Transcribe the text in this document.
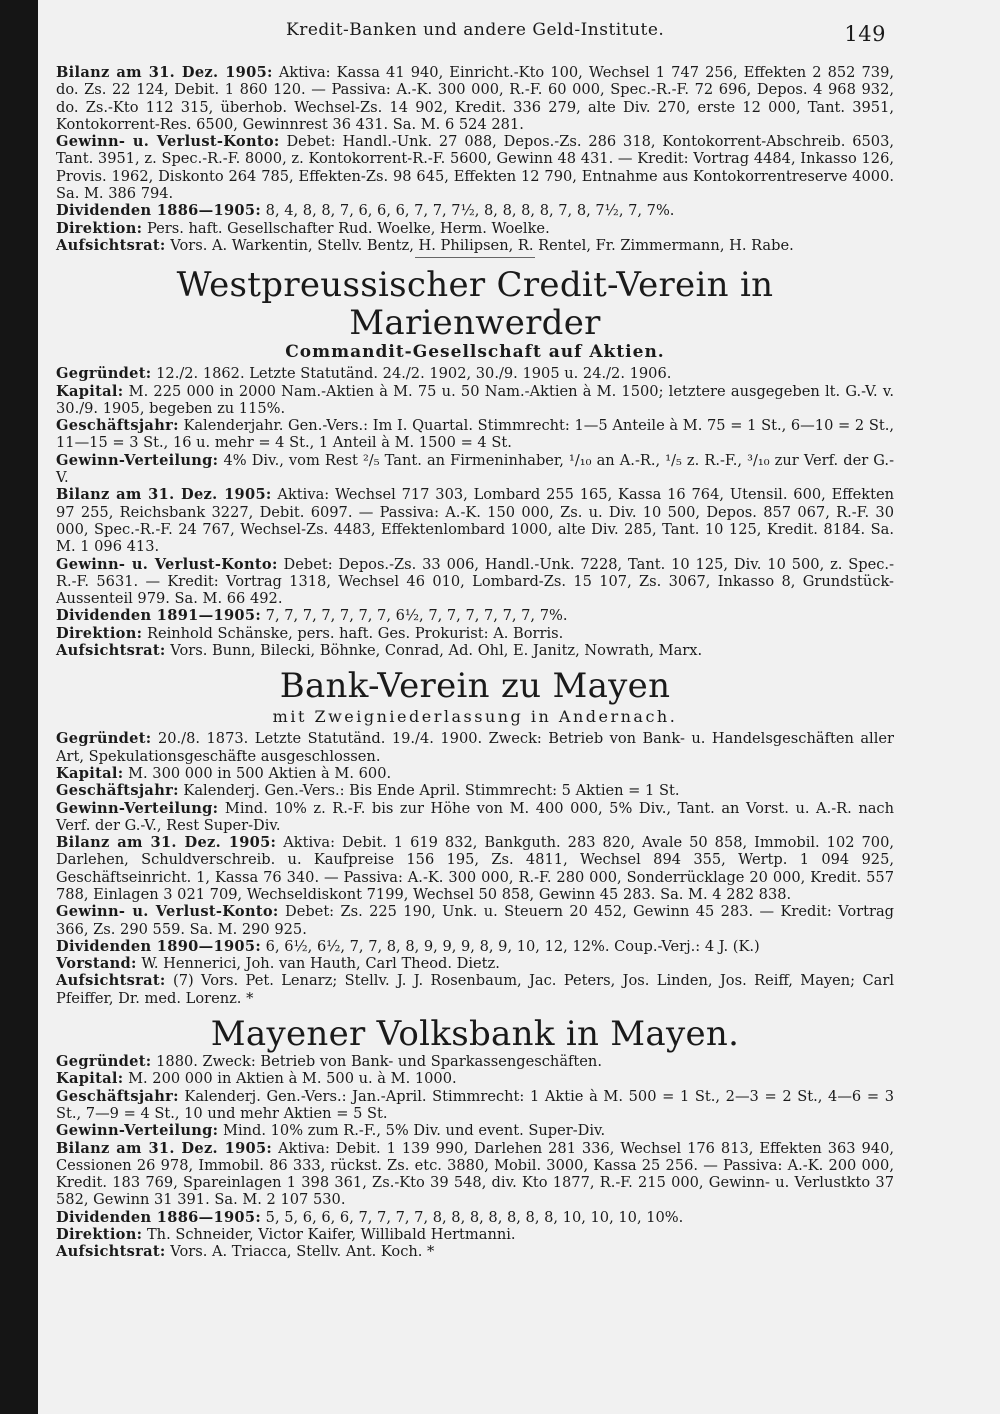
Kredit-Banken und andere Geld-Institute.	149

Bilanz am 31. Dez. 1905: Aktiva: Kassa 41 940, Einricht.-Kto 100, Wechsel 1 747 256, Effekten 2 852 739, do. Zs. 22 124, Debit. 1 860 120. — Passiva: A.-K. 300 000, R.-F. 60 000, Spec.-R.-F. 72 696, Depos. 4 968 932, do. Zs.-Kto 112 315, überhob. Wechsel-Zs. 14 902, Kredit. 336 279, alte Div. 270, erste 12 000, Tant. 3951, Kontokorrent-Res. 6500, Gewinnrest 36 431. Sa. M. 6 524 281.

Gewinn- u. Verlust-Konto: Debet: Handl.-Unk. 27 088, Depos.-Zs. 286 318, Kontokorrent-Abschreib. 6503, Tant. 3951, z. Spec.-R.-F. 8000, z. Kontokorrent-R.-F. 5600, Gewinn 48 431. — Kredit: Vortrag 4484, Inkasso 126, Provis. 1962, Diskonto 264 785, Effekten-Zs. 98 645, Effekten 12 790, Entnahme aus Kontokorrentreserve 4000. Sa. M. 386 794.

Dividenden 1886—1905: 8, 4, 8, 8, 7, 6, 6, 6, 7, 7, 7½, 8, 8, 8, 8, 7, 8, 7½, 7, 7%.

Direktion: Pers. haft. Gesellschafter Rud. Woelke, Herm. Woelke.

Aufsichtsrat: Vors. A. Warkentin, Stellv. Bentz, H. Philipsen, R. Rentel, Fr. Zimmermann, H. Rabe.

Westpreussischer Credit-Verein in Marienwerder
Commandit-Gesellschaft auf Aktien.

Gegründet: 12./2. 1862. Letzte Statutänd. 24./2. 1902, 30./9. 1905 u. 24./2. 1906.

Kapital: M. 225 000 in 2000 Nam.-Aktien à M. 75 u. 50 Nam.-Aktien à M. 1500; letztere ausgegeben lt. G.-V. v. 30./9. 1905, begeben zu 115%.

Geschäftsjahr: Kalenderjahr. Gen.-Vers.: Im I. Quartal. Stimmrecht: 1—5 Anteile à M. 75 = 1 St., 6—10 = 2 St., 11—15 = 3 St., 16 u. mehr = 4 St., 1 Anteil à M. 1500 = 4 St.

Gewinn-Verteilung: 4% Div., vom Rest ²/₅ Tant. an Firmeninhaber, ¹/₁₀ an A.-R., ¹/₅ z. R.-F., ³/₁₀ zur Verf. der G.-V.

Bilanz am 31. Dez. 1905: Aktiva: Wechsel 717 303, Lombard 255 165, Kassa 16 764, Utensil. 600, Effekten 97 255, Reichsbank 3227, Debit. 6097. — Passiva: A.-K. 150 000, Zs. u. Div. 10 500, Depos. 857 067, R.-F. 30 000, Spec.-R.-F. 24 767, Wechsel-Zs. 4483, Effektenlombard 1000, alte Div. 285, Tant. 10 125, Kredit. 8184. Sa. M. 1 096 413.

Gewinn- u. Verlust-Konto: Debet: Depos.-Zs. 33 006, Handl.-Unk. 7228, Tant. 10 125, Div. 10 500, z. Spec.-R.-F. 5631. — Kredit: Vortrag 1318, Wechsel 46 010, Lombard-Zs. 15 107, Zs. 3067, Inkasso 8, Grundstück-Aussenteil 979. Sa. M. 66 492.

Dividenden 1891—1905: 7, 7, 7, 7, 7, 7, 7, 6½, 7, 7, 7, 7, 7, 7, 7%.

Direktion: Reinhold Schänske, pers. haft. Ges. Prokurist: A. Borris.

Aufsichtsrat: Vors. Bunn, Bilecki, Böhnke, Conrad, Ad. Ohl, E. Janitz, Nowrath, Marx.

Bank-Verein zu Mayen
mit Zweigniederlassung in Andernach.

Gegründet: 20./8. 1873. Letzte Statutänd. 19./4. 1900. Zweck: Betrieb von Bank- u. Handelsgeschäften aller Art, Spekulationsgeschäfte ausgeschlossen.

Kapital: M. 300 000 in 500 Aktien à M. 600.

Geschäftsjahr: Kalenderj. Gen.-Vers.: Bis Ende April. Stimmrecht: 5 Aktien = 1 St.

Gewinn-Verteilung: Mind. 10% z. R.-F. bis zur Höhe von M. 400 000, 5% Div., Tant. an Vorst. u. A.-R. nach Verf. der G.-V., Rest Super-Div.

Bilanz am 31. Dez. 1905: Aktiva: Debit. 1 619 832, Bankguth. 283 820, Avale 50 858, Immobil. 102 700, Darlehen, Schuldverschreib. u. Kaufpreise 156 195, Zs. 4811, Wechsel 894 355, Wertp. 1 094 925, Geschäftseinricht. 1, Kassa 76 340. — Passiva: A.-K. 300 000, R.-F. 280 000, Sonderrücklage 20 000, Kredit. 557 788, Einlagen 3 021 709, Wechseldiskont 7199, Wechsel 50 858, Gewinn 45 283. Sa. M. 4 282 838.

Gewinn- u. Verlust-Konto: Debet: Zs. 225 190, Unk. u. Steuern 20 452, Gewinn 45 283. — Kredit: Vortrag 366, Zs. 290 559. Sa. M. 290 925.

Dividenden 1890—1905: 6, 6½, 6½, 7, 7, 8, 8, 9, 9, 9, 8, 9, 10, 12, 12%. Coup.-Verj.: 4 J. (K.)

Vorstand: W. Hennerici, Joh. van Hauth, Carl Theod. Dietz.

Aufsichtsrat: (7) Vors. Pet. Lenarz; Stellv. J. J. Rosenbaum, Jac. Peters, Jos. Linden, Jos. Reiff, Mayen; Carl Pfeiffer, Dr. med. Lorenz. *

Mayener Volksbank in Mayen.

Gegründet: 1880. Zweck: Betrieb von Bank- und Sparkassengeschäften.

Kapital: M. 200 000 in Aktien à M. 500 u. à M. 1000.

Geschäftsjahr: Kalenderj. Gen.-Vers.: Jan.-April. Stimmrecht: 1 Aktie à M. 500 = 1 St., 2—3 = 2 St., 4—6 = 3 St., 7—9 = 4 St., 10 und mehr Aktien = 5 St.

Gewinn-Verteilung: Mind. 10% zum R.-F., 5% Div. und event. Super-Div.

Bilanz am 31. Dez. 1905: Aktiva: Debit. 1 139 990, Darlehen 281 336, Wechsel 176 813, Effekten 363 940, Cessionen 26 978, Immobil. 86 333, rückst. Zs. etc. 3880, Mobil. 3000, Kassa 25 256. — Passiva: A.-K. 200 000, Kredit. 183 769, Spareinlagen 1 398 361, Zs.-Kto 39 548, div. Kto 1877, R.-F. 215 000, Gewinn- u. Verlustkto 37 582, Gewinn 31 391. Sa. M. 2 107 530.

Dividenden 1886—1905: 5, 5, 6, 6, 6, 7, 7, 7, 7, 8, 8, 8, 8, 8, 8, 8, 10, 10, 10, 10%.

Direktion: Th. Schneider, Victor Kaifer, Willibald Hertmanni.

Aufsichtsrat: Vors. A. Triacca, Stellv. Ant. Koch. *
